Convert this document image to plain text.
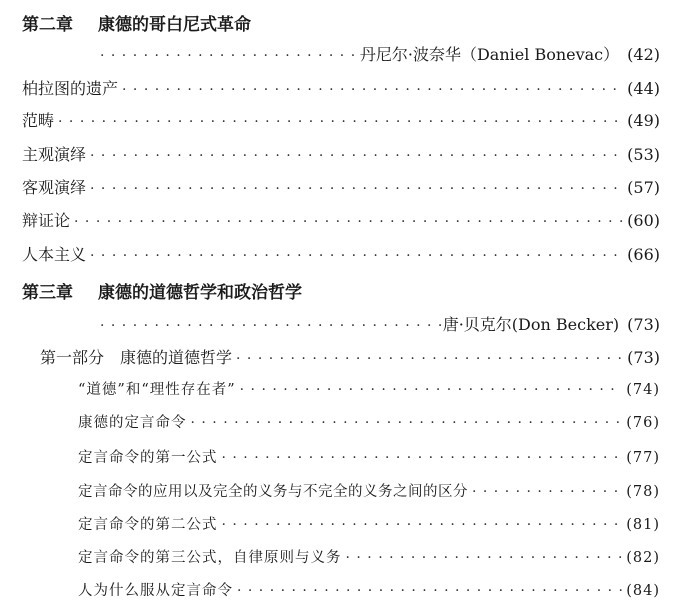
第二章 康德的哥白尼式革命
· · ·
丹尼尔·波奈华（Daniel Bonevac） (42)
柏拉图的遗产 · · ·	(44)
范畴 · · ·	(49)
主观演绎 · · ·	(53)
客观演绎 · · ·	(57)
辩证论 · · ·	(60)
人本主义 · · ·	(66)
第三章 康德的道德哲学和政治哲学
· · ·
唐·贝克尔(Don Becker) (73)
第一部分　康德的道德哲学 · · ·	(73)
“道德”和“理性存在者” · · ·	(74)
康德的定言命令 · · ·	(76)
定言命令的第一公式 · · ·	(77)
定言命令的应用以及完全的义务与不完全的义务之间的区分 · · ·	(78)
定言命令的第二公式 · · ·	(81)
定言命令的第三公式，自律原则与义务 · · ·	(82)
人为什么服从定言命令 · · ·	(84)
